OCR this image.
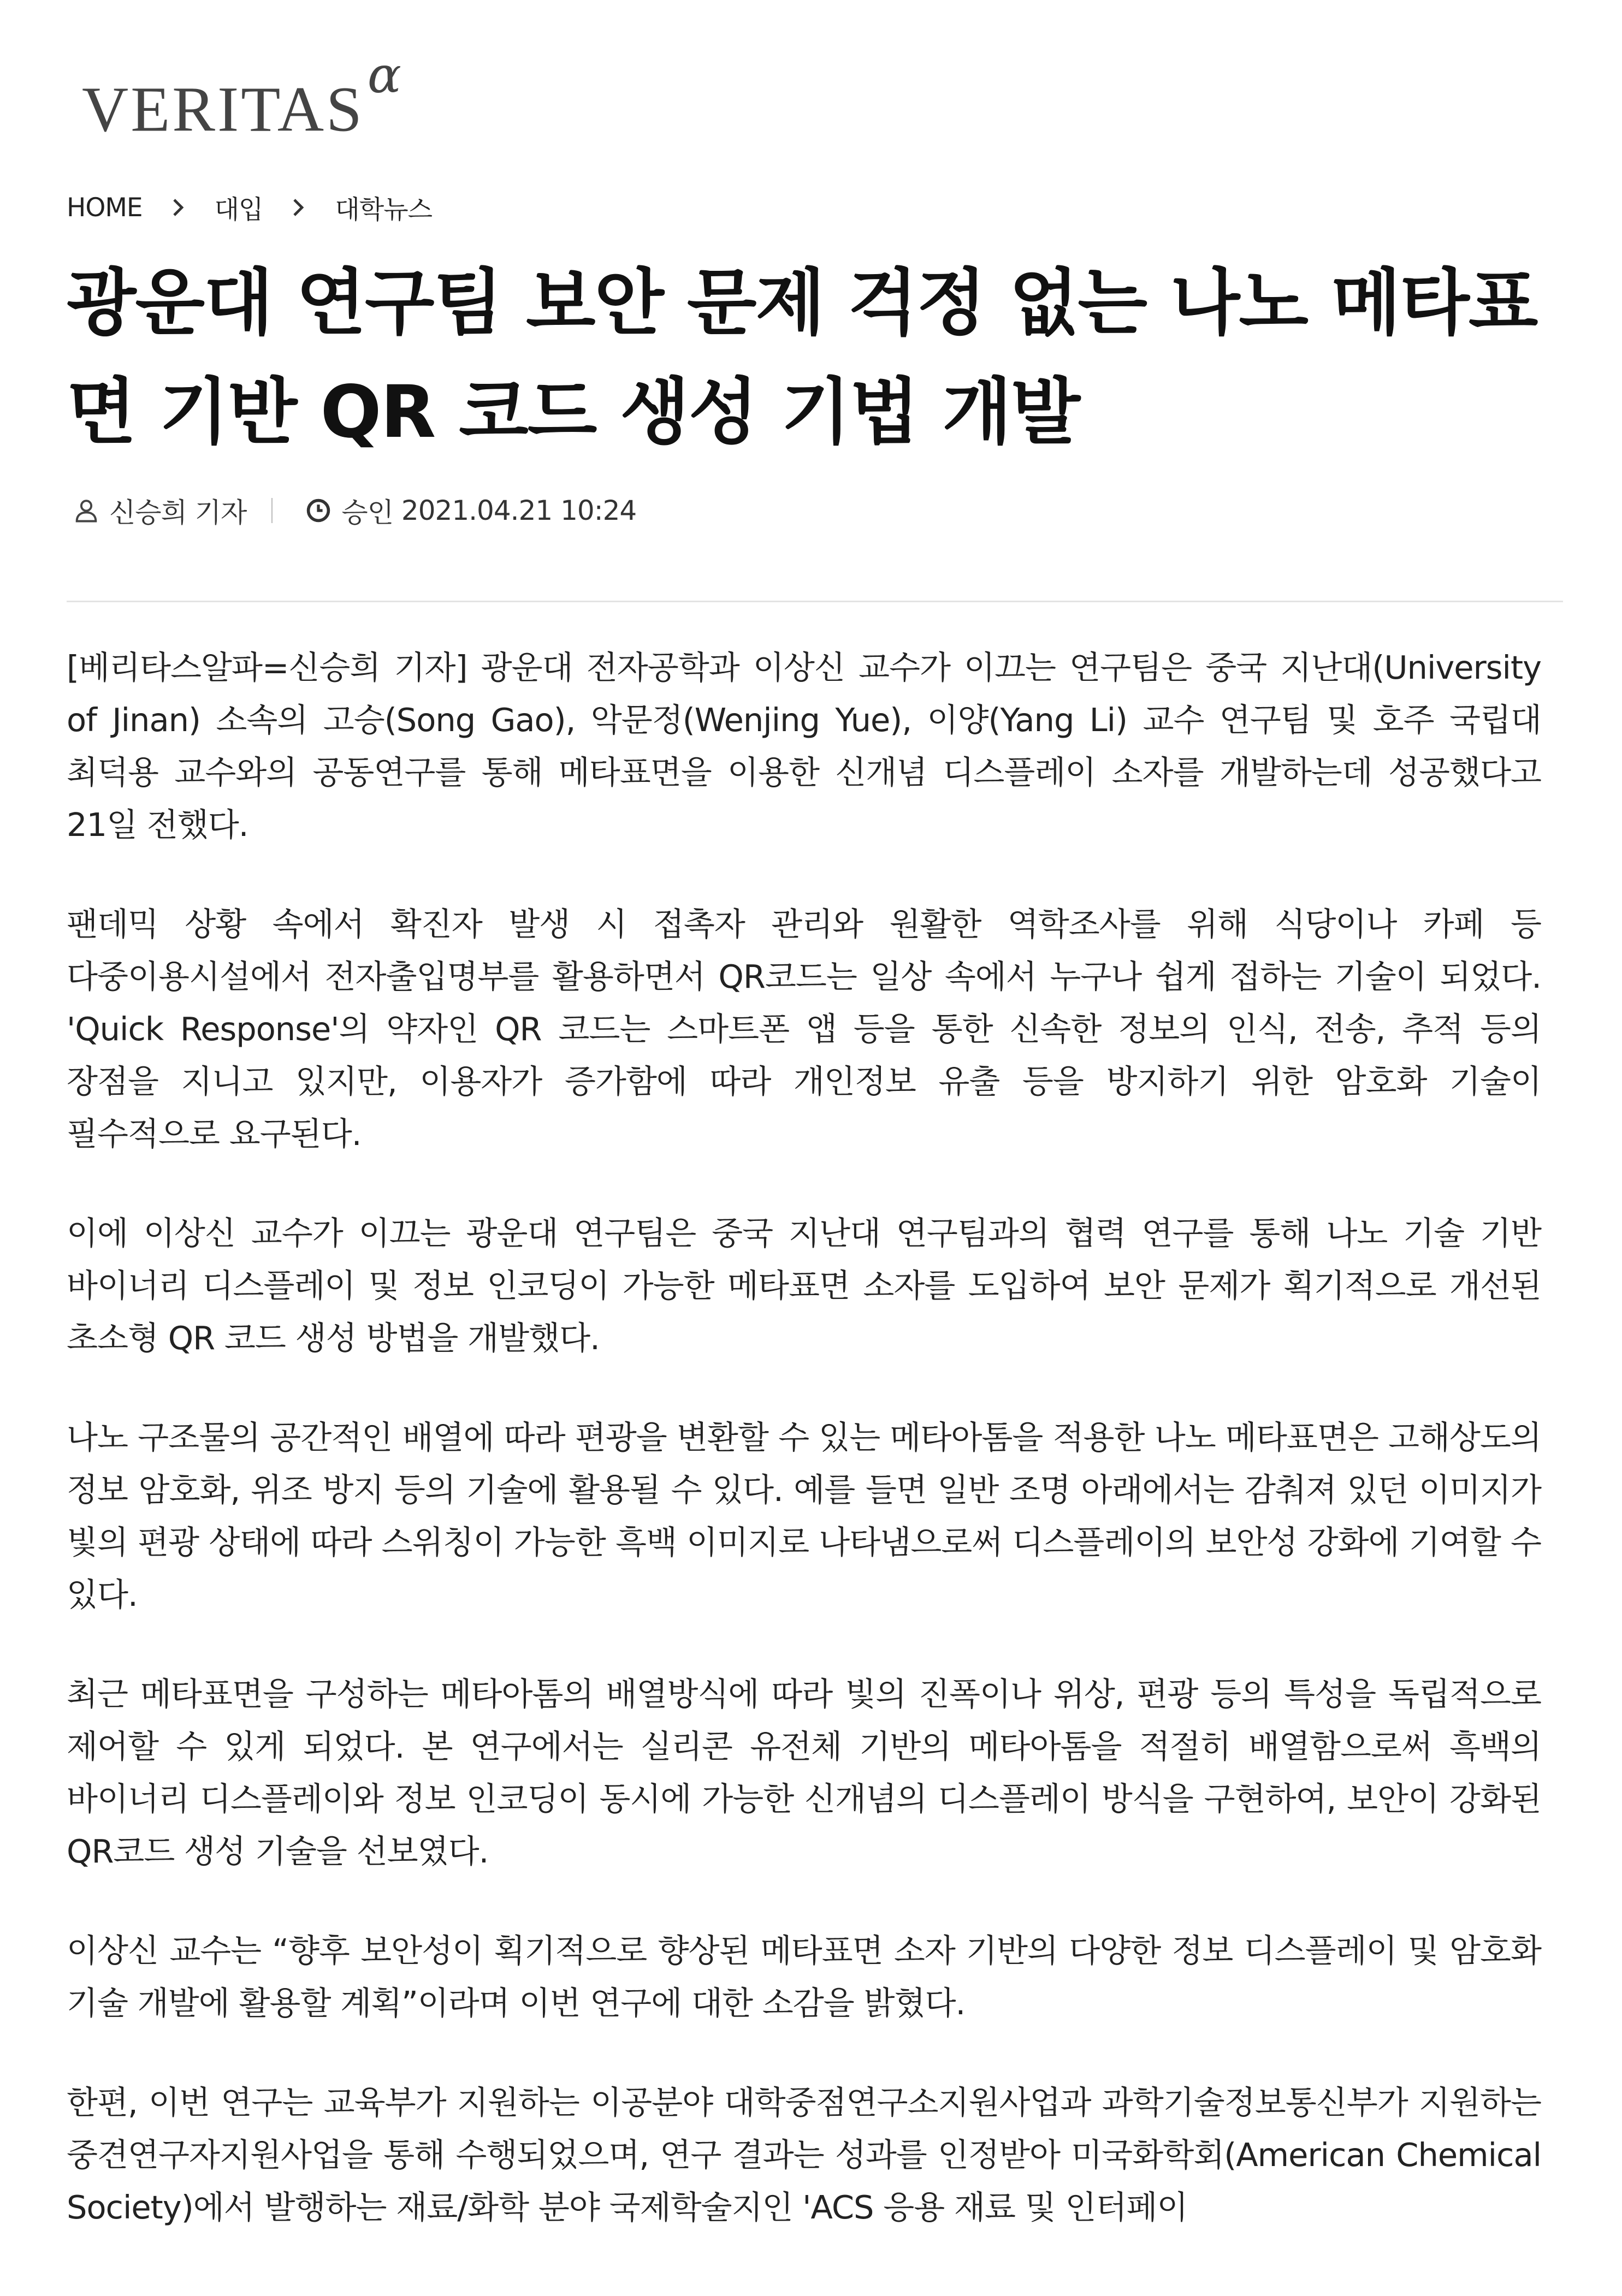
$VERITAS^\alpha$
HOME	대입	대학뉴스
광운대 연구팀 보안 문제 걱정 없는 나노 메타표면 기반 QR 코드 생성 기법 개발
신승희 기자	승인
2021.04.21 10:24

[베리타스알파=신승희 기자] 광운대 전자공학과 이상신 교수가 이끄는 연구팀은 중국 지난대(University of Jinan) 소속의 고승(Song Gao), 악문정(Wenjing Yue), 이양(Yang Li) 교수 연구팀 및 호주 국립대 최덕용 교수와의 공동연구를 통해 메타표면을 이용한 신개념 디스플레이 소자를 개발하는데 성공했다고 21일 전했다.

팬데믹 상황 속에서 확진자 발생 시 접촉자 관리와 원활한 역학조사를 위해 식당이나 카페 등 다중이용시설에서 전자출입명부를 활용하면서 QR코드는 일상 속에서 누구나 쉽게 접하는 기술이 되었다. 'Quick Response'의 약자인 QR 코드는 스마트폰 앱 등을 통한 신속한 정보의 인식, 전송, 추적 등의 장점을 지니고 있지만, 이용자가 증가함에 따라 개인정보 유출 등을 방지하기 위한 암호화 기술이 필수적으로 요구된다.

이에 이상신 교수가 이끄는 광운대 연구팀은 중국 지난대 연구팀과의 협력 연구를 통해 나노 기술 기반 바이너리 디스플레이 및 정보 인코딩이 가능한 메타표면 소자를 도입하여 보안 문제가 획기적으로 개선된 초소형 QR 코드 생성 방법을 개발했다.

나노 구조물의 공간적인 배열에 따라 편광을 변환할 수 있는 메타아톰을 적용한 나노 메타표면은 고해상도의 정보 암호화, 위조 방지 등의 기술에 활용될 수 있다. 예를 들면 일반 조명 아래에서는 감춰져 있던 이미지가 빛의 편광 상태에 따라 스위칭이 가능한 흑백 이미지로 나타냄으로써 디스플레이의 보안성 강화에 기여할 수 있다.

최근 메타표면을 구성하는 메타아톰의 배열방식에 따라 빛의 진폭이나 위상, 편광 등의 특성을 독립적으로 제어할 수 있게 되었다. 본 연구에서는 실리콘 유전체 기반의 메타아톰을 적절히 배열함으로써 흑백의 바이너리 디스플레이와 정보 인코딩이 동시에 가능한 신개념의 디스플레이 방식을 구현하여, 보안이 강화된 QR코드 생성 기술을 선보였다.

이상신 교수는 “향후 보안성이 획기적으로 향상된 메타표면 소자 기반의 다양한 정보 디스플레이 및 암호화 기술 개발에 활용할 계획”이라며 이번 연구에 대한 소감을 밝혔다.

한편, 이번 연구는 교육부가 지원하는 이공분야 대학중점연구소지원사업과 과학기술정보통신부가 지원하는 중견연구자지원사업을 통해 수행되었으며, 연구 결과는 성과를 인정받아 미국화학회(American Chemical Society)에서 발행하는 재료/화학 분야 국제학술지인 'ACS 응용 재료 및 인터페이
